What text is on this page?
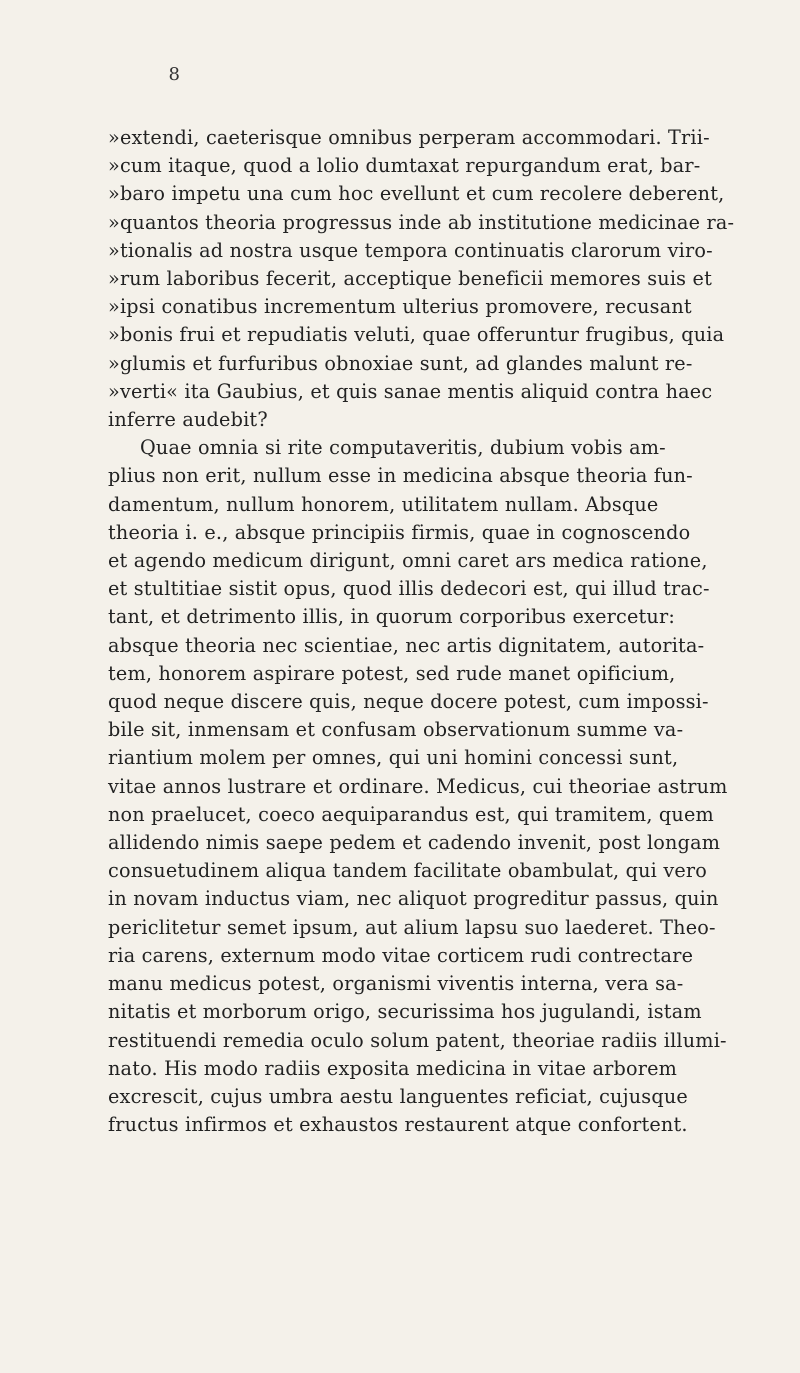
8
»extendi, caeterisque omnibus perperam accommodari. Trii-
»cum itaque, quod a lolio dumtaxat repurgandum erat, bar-
»baro impetu una cum hoc evellunt et cum recolere deberent,
»quantos theoria progressus inde ab institutione medicinae ra-
»tionalis ad nostra usque tempora continuatis clarorum viro-
»rum laboribus fecerit, acceptique beneficii memores suis et
»ipsi conatibus incrementum ulterius promovere, recusant
»bonis frui et repudiatis veluti, quae offeruntur frugibus, quia
»glumis et furfuribus obnoxiae sunt, ad glandes malunt re-
»verti« ita Gaubius, et quis sanae mentis aliquid contra haec
inferre audebit?
Quae omnia si rite computaveritis, dubium vobis am-
plius non erit, nullum esse in medicina absque theoria fun-
damentum, nullum honorem, utilitatem nullam. Absque
theoria i. e., absque principiis firmis, quae in cognoscendo
et agendo medicum dirigunt, omni caret ars medica ratione,
et stultitiae sistit opus, quod illis dedecori est, qui illud trac-
tant, et detrimento illis, in quorum corporibus exercetur:
absque theoria nec scientiae, nec artis dignitatem, autorita-
tem, honorem aspirare potest, sed rude manet opificium,
quod neque discere quis, neque docere potest, cum impossi-
bile sit, inmensam et confusam observationum summe va-
riantium molem per omnes, qui uni homini concessi sunt,
vitae annos lustrare et ordinare. Medicus, cui theoriae astrum
non praelucet, coeco aequiparandus est, qui tramitem, quem
allidendo nimis saepe pedem et cadendo invenit, post longam
consuetudinem aliqua tandem facilitate obambulat, qui vero
in novam inductus viam, nec aliquot progreditur passus, quin
periclitetur semet ipsum, aut alium lapsu suo laederet. Theo-
ria carens, externum modo vitae corticem rudi contrectare
manu medicus potest, organismi viventis interna, vera sa-
nitatis et morborum origo, securissima hos jugulandi, istam
restituendi remedia oculo solum patent, theoriae radiis illumi-
nato. His modo radiis exposita medicina in vitae arborem
excrescit, cujus umbra aestu languentes reficiat, cujusque
fructus infirmos et exhaustos restaurent atque confortent.
